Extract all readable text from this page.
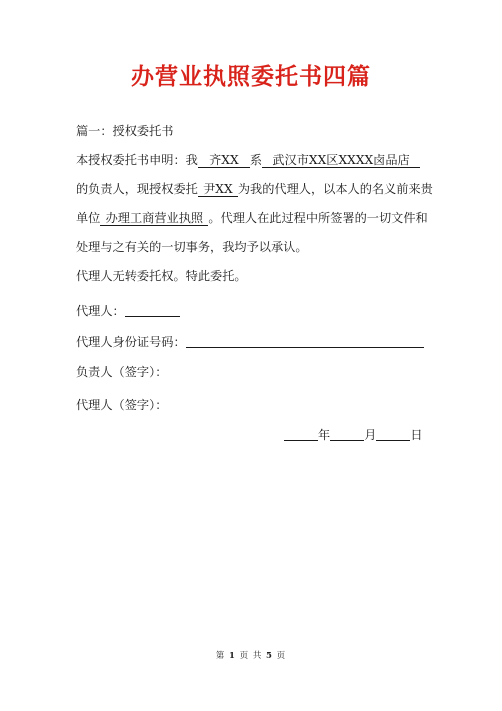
办营业执照委托书四篇
篇一：授权委托书
本授权委托书申明：我 齐XX 系 武汉市XX区XXXX卤品店
的负责人，现授权委托 尹XX 为我的代理人，以本人的名义前来贵
单位 办理工商营业执照 。代理人在此过程中所签署的一切文件和
处理与之有关的一切事务，我均予以承认。
代理人无转委托权。特此委托。
代理人：
代理人身份证号码：
负责人（签字）：
代理人（签字）：
年	月	日
第 1 页 共 5 页
